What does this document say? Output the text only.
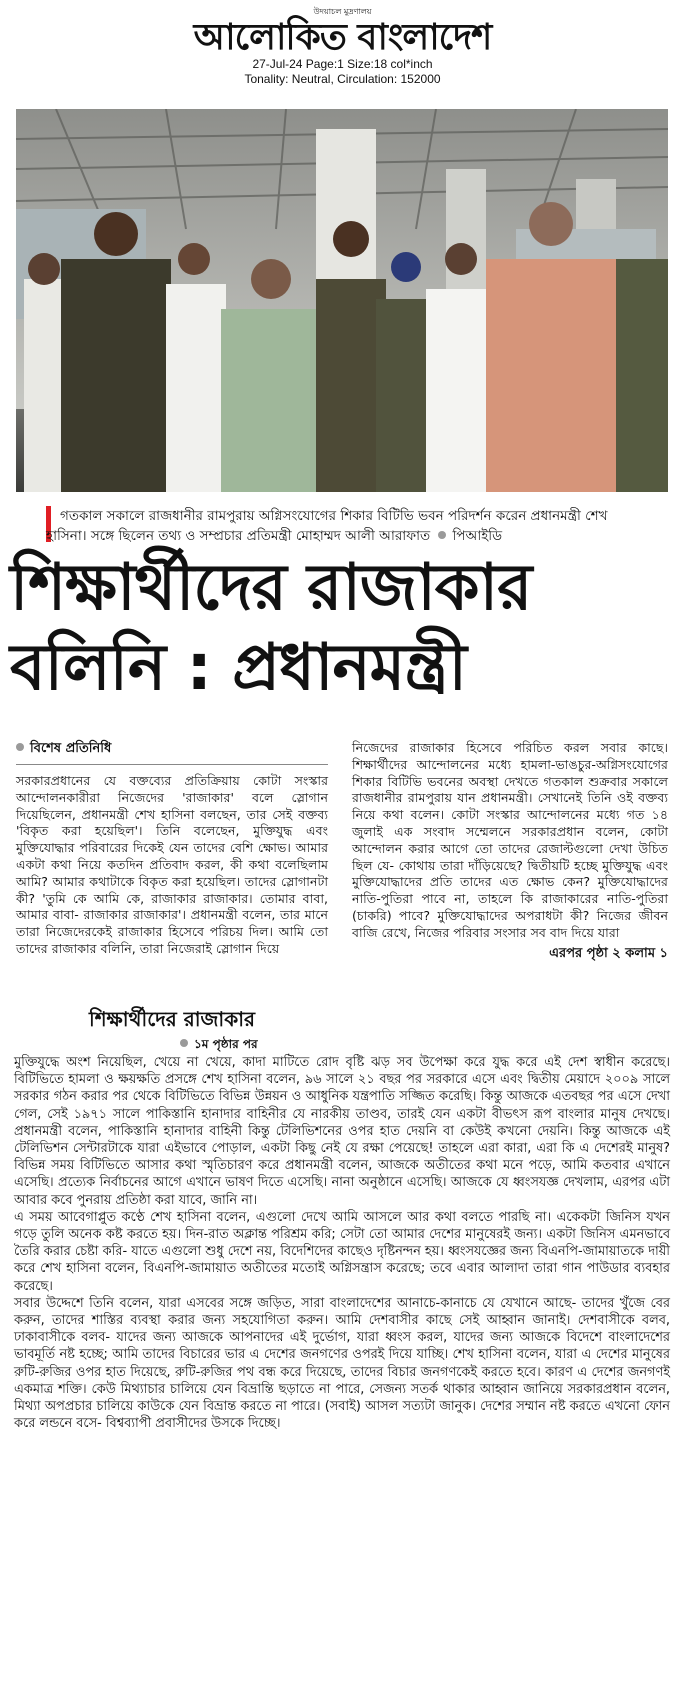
উদয়াচল মুদ্রণালয়
আলোকিত বাংলাদেশ
27-Jul-24 Page:1 Size:18 col*inch
Tonality: Neutral, Circulation: 152000
গতকাল সকালে রাজধানীর রামপুরায় অগ্নিসংযোগের শিকার বিটিভি ভবন পরিদর্শন করেন প্রধানমন্ত্রী শেখ হাসিনা। সঙ্গে ছিলেন তথ্য ও সম্প্রচার প্রতিমন্ত্রী মোহাম্মদ আলী আরাফাত পিআইডি
শিক্ষার্থীদের রাজাকার
বলিনি : প্রধানমন্ত্রী
বিশেষ প্রতিনিধি
সরকারপ্রধানের যে বক্তব্যের প্রতিক্রিয়ায় কোটা সংস্কার আন্দোলনকারীরা নিজেদের 'রাজাকার' বলে স্লোগান দিয়েছিলেন, প্রধানমন্ত্রী শেখ হাসিনা বলছেন, তার সেই বক্তব্য 'বিকৃত করা হয়েছিল'। তিনি বলেছেন, মুক্তিযুদ্ধ এবং মুক্তিযোদ্ধার পরিবারের দিকেই যেন তাদের বেশি ক্ষোভ। আমার একটা কথা নিয়ে কতদিন প্রতিবাদ করল, কী কথা বলেছিলাম আমি? আমার কথাটাকে বিকৃত করা হয়েছিল। তাদের স্লোগানটা কী? 'তুমি কে আমি কে, রাজাকার রাজাকার। তোমার বাবা, আমার বাবা- রাজাকার রাজাকার'। প্রধানমন্ত্রী বলেন, তার মানে তারা নিজেদেরকেই রাজাকার হিসেবে পরিচয় দিল। আমি তো তাদের রাজাকার বলিনি, তারা নিজেরাই স্লোগান দিয়ে
নিজেদের রাজাকার হিসেবে পরিচিত করল সবার কাছে। শিক্ষার্থীদের আন্দোলনের মধ্যে হামলা-ভাঙচুর-অগ্নিসংযোগের শিকার বিটিভি ভবনের অবস্থা দেখতে গতকাল শুক্রবার সকালে রাজধানীর রামপুরায় যান প্রধানমন্ত্রী। সেখানেই তিনি ওই বক্তব্য নিয়ে কথা বলেন। কোটা সংস্কার আন্দোলনের মধ্যে গত ১৪ জুলাই এক সংবাদ সম্মেলনে সরকারপ্রধান বলেন, কোটা আন্দোলন করার আগে তো তাদের রেজাল্টগুলো দেখা উচিত ছিল যে- কোথায় তারা দাঁড়িয়েছে? দ্বিতীয়টি হচ্ছে মুক্তিযুদ্ধ এবং মুক্তিযোদ্ধাদের প্রতি তাদের এত ক্ষোভ কেন? মুক্তিযোদ্ধাদের নাতি-পুতিরা পাবে না, তাহলে কি রাজাকারের নাতি-পুতিরা (চাকরি) পাবে? মুক্তিযোদ্ধাদের অপরাধটা কী? নিজের জীবন বাজি রেখে, নিজের পরিবার সংসার সব বাদ দিয়ে যারা
এরপর পৃষ্ঠা ২ কলাম ১
শিক্ষার্থীদের রাজাকার
১ম পৃষ্ঠার পর

মুক্তিযুদ্ধে অংশ নিয়েছিল, খেয়ে না খেয়ে, কাদা মাটিতে রোদ বৃষ্টি ঝড় সব উপেক্ষা করে যুদ্ধ করে এই দেশ স্বাধীন করেছে। বিটিভিতে হামলা ও ক্ষয়ক্ষতি প্রসঙ্গে শেখ হাসিনা বলেন, ৯৬ সালে ২১ বছর পর সরকারে এসে এবং দ্বিতীয় মেয়াদে ২০০৯ সালে সরকার গঠন করার পর থেকে বিটিভিতে বিভিন্ন উন্নয়ন ও আধুনিক যন্ত্রপাতি সজ্জিত করেছি। কিন্তু আজকে এতবছর পর এসে দেখা গেল, সেই ১৯৭১ সালে পাকিস্তানি হানাদার বাহিনীর যে নারকীয় তাণ্ডব, তারই যেন একটা বীভৎস রূপ বাংলার মানুষ দেখছে। প্রধানমন্ত্রী বলেন, পাকিস্তানি হানাদার বাহিনী কিন্তু টেলিভিশনের ওপর হাত দেয়নি বা কেউই কখনো দেয়নি। কিন্তু আজকে এই টেলিভিশন সেন্টারটাকে যারা এইভাবে পোড়াল, একটা কিছু নেই যে রক্ষা পেয়েছে! তাহলে এরা কারা, এরা কি এ দেশেরই মানুষ? বিভিন্ন সময় বিটিভিতে আসার কথা স্মৃতিচারণ করে প্রধানমন্ত্রী বলেন, আজকে অতীতের কথা মনে পড়ে, আমি কতবার এখানে এসেছি। প্রত্যেক নির্বাচনের আগে এখানে ভাষণ দিতে এসেছি। নানা অনুষ্ঠানে এসেছি। আজকে যে ধ্বংসযজ্ঞ দেখলাম, এরপর এটা আবার কবে পুনরায় প্রতিষ্ঠা করা যাবে, জানি না।

এ সময় আবেগাপ্লুত কণ্ঠে শেখ হাসিনা বলেন, এগুলো দেখে আমি আসলে আর কথা বলতে পারছি না। একেকটা জিনিস যখন গড়ে তুলি অনেক কষ্ট করতে হয়। দিন-রাত অক্লান্ত পরিশ্রম করি; সেটা তো আমার দেশের মানুষেরই জন্য। একটা জিনিস এমনভাবে তৈরি করার চেষ্টা করি- যাতে এগুলো শুধু দেশে নয়, বিদেশিদের কাছেও দৃষ্টিনন্দন হয়। ধ্বংসযজ্ঞের জন্য বিএনপি-জামায়াতকে দায়ী করে শেখ হাসিনা বলেন, বিএনপি-জামায়াত অতীতের মতোই অগ্নিসন্ত্রাস করেছে; তবে এবার আলাদা তারা গান পাউডার ব্যবহার করেছে।

সবার উদ্দেশে তিনি বলেন, যারা এসবের সঙ্গে জড়িত, সারা বাংলাদেশের আনাচে-কানাচে যে যেখানে আছে- তাদের খুঁজে বের করুন, তাদের শাস্তির ব্যবস্থা করার জন্য সহযোগিতা করুন। আমি দেশবাসীর কাছে সেই আহ্বান জানাই। দেশবাসীকে বলব, ঢাকাবাসীকে বলব- যাদের জন্য আজকে আপনাদের এই দুর্ভোগ, যারা ধ্বংস করল, যাদের জন্য আজকে বিদেশে বাংলাদেশের ভাবমূর্তি নষ্ট হচ্ছে; আমি তাদের বিচারের ভার এ দেশের জনগণের ওপরই দিয়ে যাচ্ছি। শেখ হাসিনা বলেন, যারা এ দেশের মানুষের রুটি-রুজির ওপর হাত দিয়েছে, রুটি-রুজির পথ বন্ধ করে দিয়েছে, তাদের বিচার জনগণকেই করতে হবে। কারণ এ দেশের জনগণই একমাত্র শক্তি। কেউ মিথ্যাচার চালিয়ে যেন বিভ্রান্তি ছড়াতে না পারে, সেজন্য সতর্ক থাকার আহ্বান জানিয়ে সরকারপ্রধান বলেন, মিথ্যা অপপ্রচার চালিয়ে কাউকে যেন বিভ্রান্ত করতে না পারে। (সবাই) আসল সত্যটা জানুক। দেশের সম্মান নষ্ট করতে এখনো ফোন করে লন্ডনে বসে- বিশ্বব্যাপী প্রবাসীদের উসকে দিচ্ছে।
